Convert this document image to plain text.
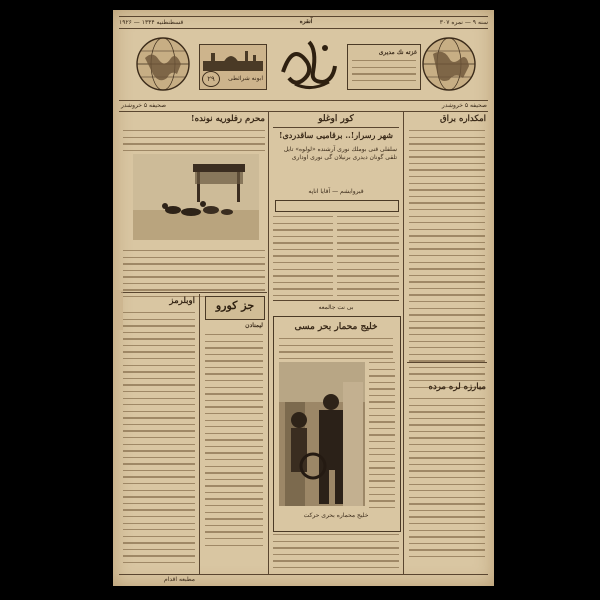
قسطنطنیه ۱۳۴۴ — ۱۹۲۶	آنقره	سنه ۹ — نمره ۳۰۷
۲۹	ابونه شرائطی
غزته نك مدیری
صحیفه ۵ خروشدر	صحیفه ۵ خروشدر
امکداره براق
مبارزه لره مرده
کور اوغلو
شهر رسرار!.. برقامیی ساقدردی!
سلفلی قنی بوملك نوری آرشنده «لولوه» تایل تلقی گونان دیدری برنیلان گی نوری اوداری
قیروایشم — آقایا اناپه
بی نت جالمعه
خلیج محمار بحر مسی
خلیج محماره بحری حرکت
محرم رفلوریه نونده!
اوبلرمز	جز کورو
لیمنادن
مطبعه اقدام
